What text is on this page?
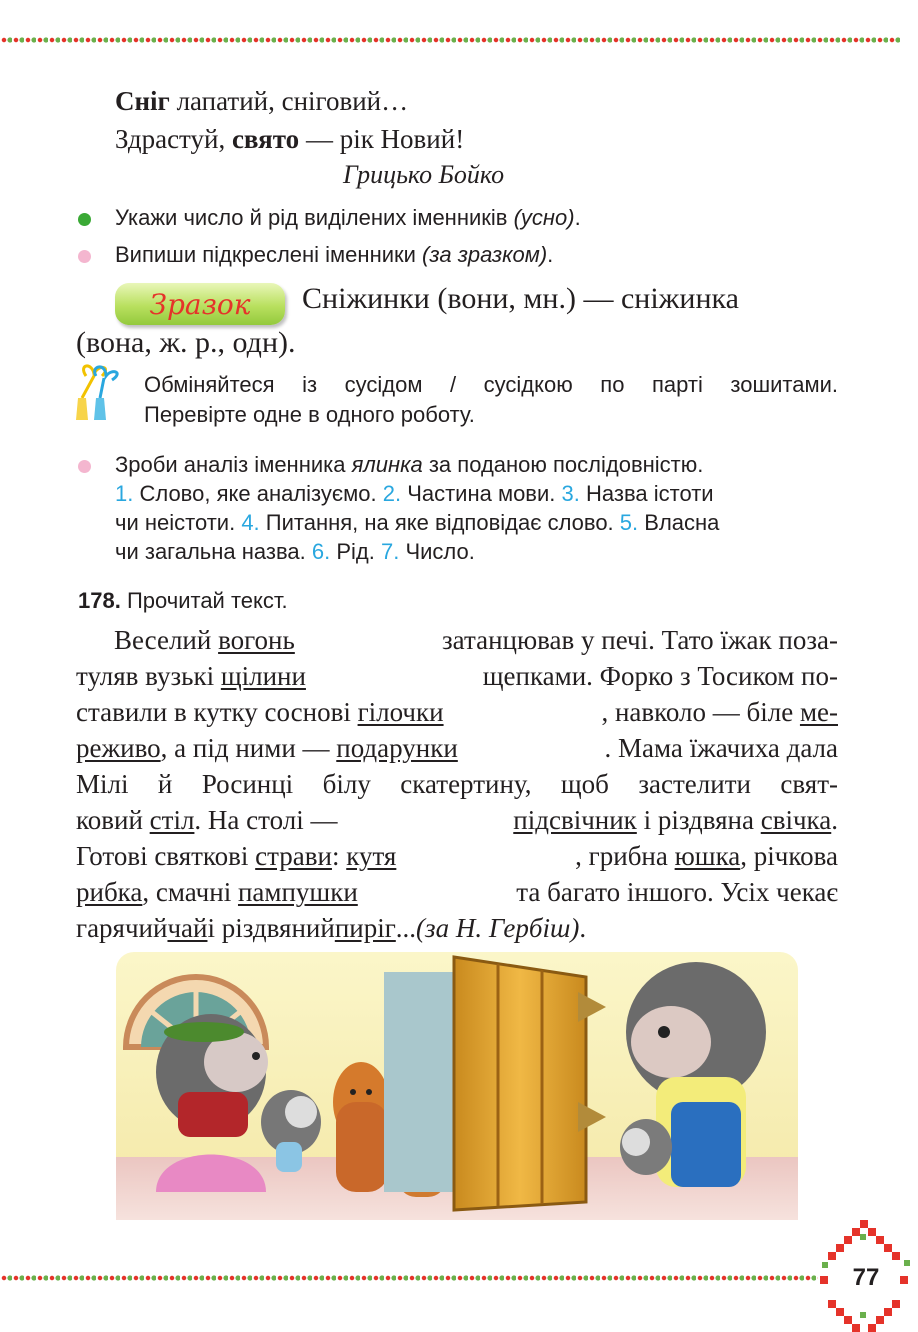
Сніг лапатий, сніговий…
Здрастуй, свято — рік Новий!
Грицько Бойко
Укажи число й рід виділених іменників (усно).
Випиши підкреслені іменники (за зразком).
Зразок Сніжинки (вони, мн.) — сніжинка
(вона, ж. р., одн).
Обміняйтеся із сусідом / сусідкою по парті зошитами.
Перевірте одне в одного роботу.
Зроби аналіз іменника ялинка за поданою послідовністю.
1. Слово, яке аналізуємо. 2. Частина мови. 3. Назва істоти
чи неістоти. 4. Питання, на яке відповідає слово. 5. Власна
чи загальна назва. 6. Рід. 7. Число.
178. Прочитай текст.
Веселий вогонь	затанцював у печі. Тато їжак поза-
туляв вузькі щілини	щепками. Форко з Тосиком по-
ставили в кутку соснові гілочки	, навколо — біле ме-
реживо, а під ними — подарунки	. Мама їжачиха дала
Мілі й Росинці білу скатертину, щоб застелити свят-
ковий стіл. На столі —	підсвічник і різдвяна свічка.
Готові святкові страви: кутя	, грибна юшка, річкова
рибка, смачні пампушки	та багато іншого. Усіх чекає
гарячий чай і різдвяний пиріг ... (за Н. Гербіш) .
77
